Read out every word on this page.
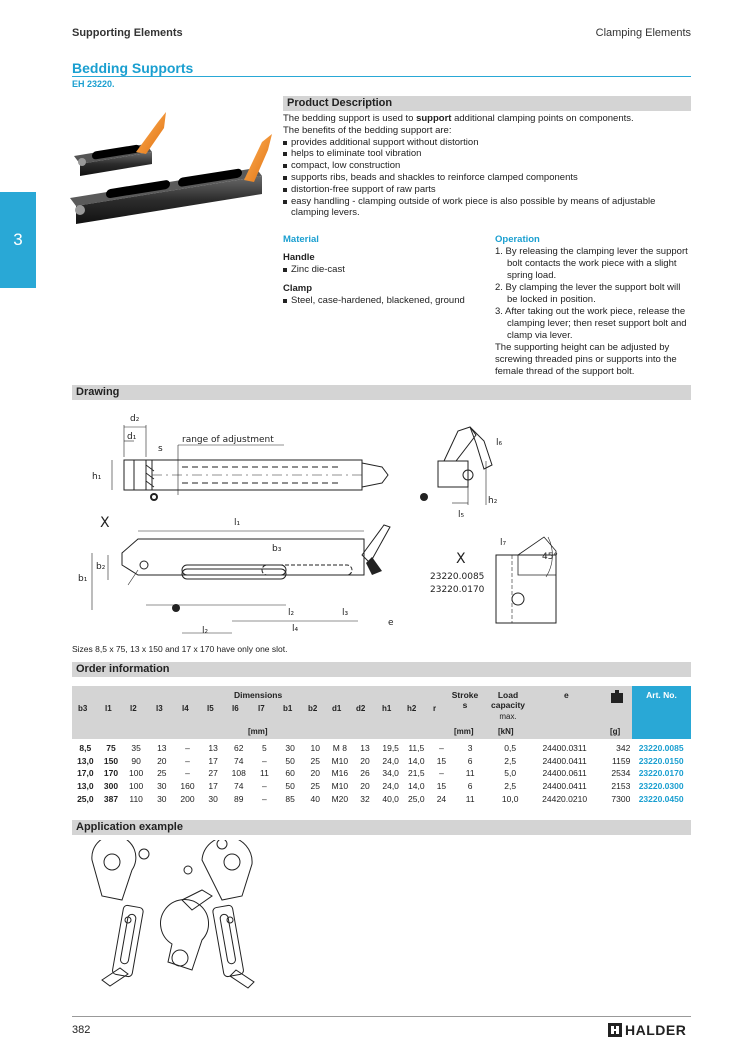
Supporting Elements	Clamping Elements
3
Bedding Supports
EH 23220.
Product Description
The bedding support is used to support additional clamping points on components.
The benefits of the bedding support are:
provides additional support without distortion
helps to eliminate tool vibration
compact, low construction
supports ribs, beads and shackles to reinforce clamped components
distortion-free support of raw parts
easy handling - clamping outside of work piece is also possible by means of adjustable clamping levers.
Material
Handle
Zinc die-cast
Clamp
Steel, case-hardened, blackened, ground
Operation
1. By releasing the clamping lever the support bolt contacts the work piece with a slight spring load.
2. By clamping the lever the support bolt will be locked in position.
3. After taking out the work piece, release the clamping lever; then reset support bolt and clamp via lever.
The supporting height can be adjusted by screwing threaded pins or supports into the female thread of the support bolt.
Drawing
d₂
d₁
s
range of adjustment
h₁
l₅
h₂
l₆
X	l₁
b₃
b₁
b₂
l₂	l₃
l₄
l₂
e
X
23220.0085
23220.0170
l₇
45°
Sizes 8,5 x 75, 13 x 150 and 17 x 170 have only one slot.
Order information
Dimensions	Stroke s
Load capacity
max.
e	Art. No.
b3 l1 l2 l3 l4 l5 l6 l7 b1 b2 d1 d2 h1 h2 r
[mm]	[mm]	[kN]	[g]
8,5	75	35	13	–	13	62	5	30	10	M 8	13	19,5	11,5	–	3	0,5	24400.0311	342	23220.0085
13,0	150	90	20	–	17	74	–	50	25	M10	20	24,0	14,0	15	6	2,5	24400.0411	1159	23220.0150
17,0	170	100	25	–	27	108	11	60	20	M16	26	34,0	21,5	–	11	5,0	24400.0611	2534	23220.0170
13,0	300	100	30	160	17	74	–	50	25	M10	20	24,0	14,0	15	6	2,5	24400.0411	2153	23220.0300
25,0	387	110	30	200	30	89	–	85	40	M20	32	40,0	25,0	24	11	10,0	24420.0210	7300	23220.0450
Application example
382	HALDER
